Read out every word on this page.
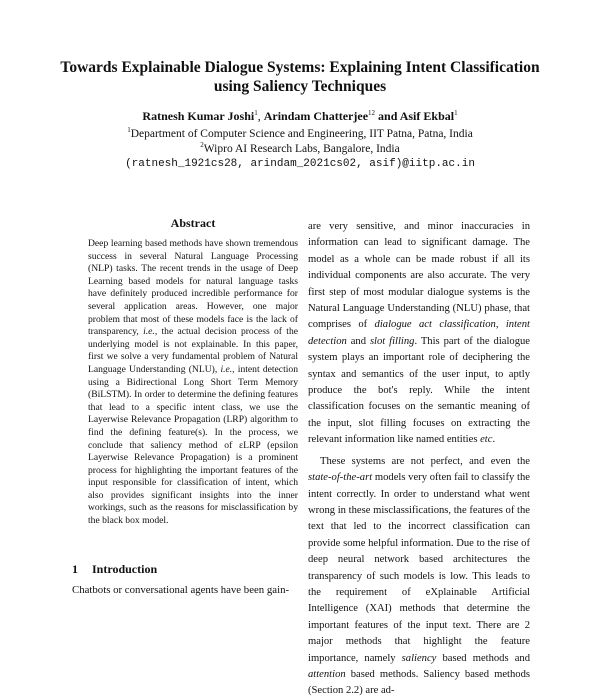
Towards Explainable Dialogue Systems: Explaining Intent Classification
using Saliency Techniques
Ratnesh Kumar Joshi$^1$, Arindam Chatterjee$^{12}$ and Asif Ekbal$^1$
$^1$Department of Computer Science and Engineering, IIT Patna, Patna, India
$^2$Wipro AI Research Labs, Bangalore, India
(ratnesh_1921cs28, arindam_2021cs02, asif)@iitp.ac.in
Abstract

Deep learning based methods have shown tremendous success in several Natural Language Processing (NLP) tasks. The recent trends in the usage of Deep Learning based models for natural language tasks have definitely produced incredible performance for several application areas. However, one major problem that most of these models face is the lack of transparency, i.e., the actual decision process of the underlying model is not explainable. In this paper, first we solve a very fundamental problem of Natural Language Understanding (NLU), i.e., intent detection using a Bidirectional Long Short Term Memory (BiLSTM). In order to determine the defining features that lead to a specific intent class, we use the Layerwise Relevance Propagation (LRP) algorithm to find the defining feature(s). In the process, we conclude that saliency method of εLRP (epsilon Layerwise Relevance Propagation) is a prominent process for highlighting the important features of the input responsible for classification of intent, which also provides significant insights into the inner workings, such as the reasons for misclassification by the black box model.

1 Introduction

Chatbots or conversational agents have been gain-

are very sensitive, and minor inaccuracies in information can lead to significant damage. The model as a whole can be made robust if all its individual components are also accurate. The very first step of most modular dialogue systems is the Natural Language Understanding (NLU) phase, that comprises of dialogue act classification, intent detection and slot filling. This part of the dialogue system plays an important role of deciphering the syntax and semantics of the user input, to aptly produce the bot's reply. While the intent classification focuses on the semantic meaning of the input, slot filling focuses on extracting the relevant information like named entities etc.

These systems are not perfect, and even the state-of-the-art models very often fail to classify the intent correctly. In order to understand what went wrong in these misclassifications, the features of the text that led to the incorrect classification can provide some helpful information. Due to the rise of deep neural network based architectures the transparency of such models is low. This leads to the requirement of eXplainable Artificial Intelligence (XAI) methods that determine the important features of the input text. There are 2 major methods that highlight the feature importance, namely saliency based methods and attention based methods. Saliency based methods (Section 2.2) are ad-
